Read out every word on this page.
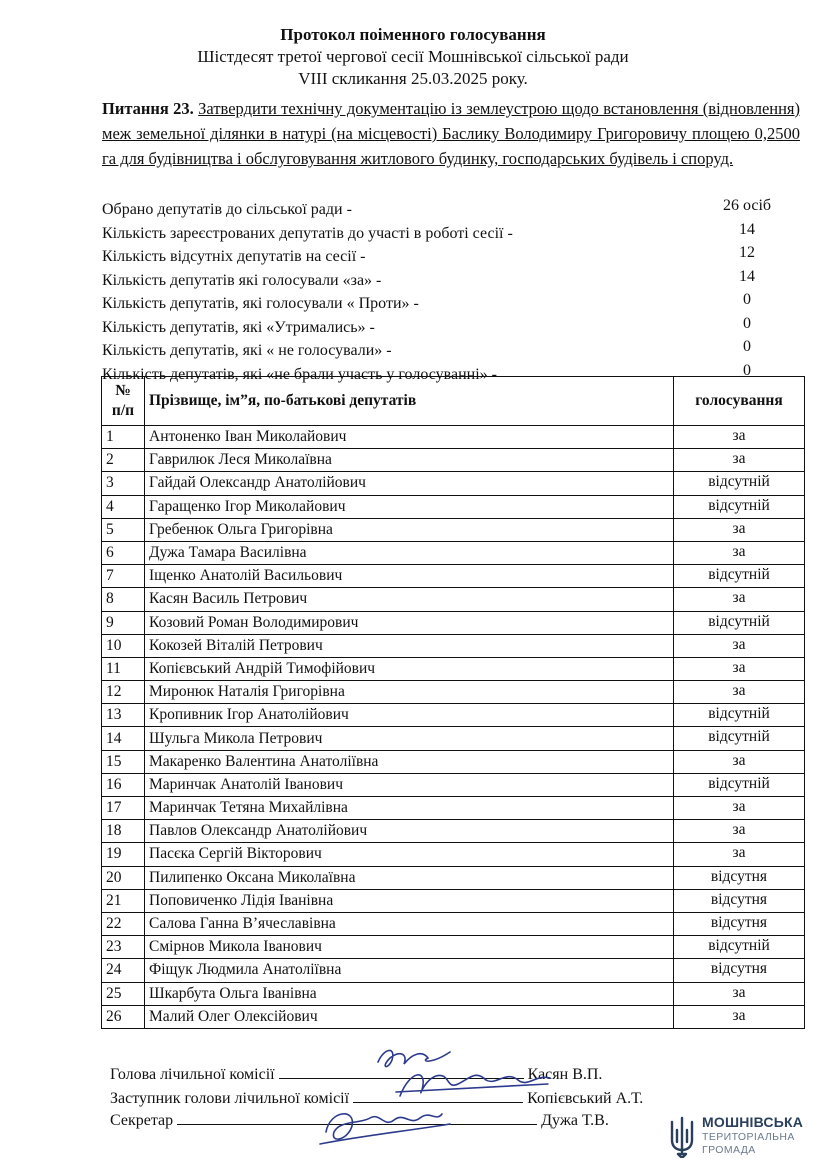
Протокол поіменного голосування
Шістдесят третої чергової сесії Мошнівської сільської ради
VIII скликання 25.03.2025 року.
Питання 23. Затвердити технічну документацію із землеустрою щодо встановлення (відновлення) меж земельної ділянки в натурі (на місцевості) Баслику Володимиру Григоровичу площею 0,2500 га для будівництва і обслуговування житлового будинку, господарських будівель і споруд.
Обрано депутатів до сільської ради -	26 осіб
Кількість зареєстрованих депутатів до участі в роботі сесії -	14
Кількість відсутніх депутатів на сесії -	12
Кількість депутатів які голосували «за» -	14
Кількість депутатів, які голосували « Проти» -	0
Кількість депутатів, які «Утримались» -	0
Кількість депутатів, які « не голосували» -	0
Кількість депутатів, які «не брали участь у голосуванні» -	0
№
п/п	Прізвище, ім”я, по-батькові депутатів	голосування
1	Антоненко Іван Миколайович	за
2	Гаврилюк Леся Миколаївна	за
3	Гайдай Олександр Анатолійович	відсутній
4	Гаращенко Ігор Миколайович	відсутній
5	Гребенюк Ольга Григорівна	за
6	Дужа Тамара Василівна	за
7	Іщенко Анатолій Васильович	відсутній
8	Касян Василь Петрович	за
9	Козовий Роман Володимирович	відсутній
10	Кокозей Віталій Петрович	за
11	Копієвський Андрій Тимофійович	за
12	Миронюк Наталія Григорівна	за
13	Кропивник Ігор Анатолійович	відсутній
14	Шульга Микола Петрович	відсутній
15	Макаренко Валентина Анатоліївна	за
16	Маринчак Анатолій Іванович	відсутній
17	Маринчак Тетяна Михайлівна	за
18	Павлов Олександр Анатолійович	за
19	Пасєка Сергій Вікторович	за
20	Пилипенко Оксана Миколаївна	відсутня
21	Поповиченко Лідія Іванівна	відсутня
22	Салова Ганна В’ячеславівна	відсутня
23	Смірнов Микола Іванович	відсутній
24	Фіщук Людмила Анатоліївна	відсутня
25	Шкарбута Ольга Іванівна	за
26	Малий Олег Олексійович	за
Голова лічильної комісії	Касян В.П.
Заступник голови лічильної комісії	Копієвський А.Т.
Секретар	Дужа Т.В.	МОШНІВСЬКА
ТЕРИТОРІАЛЬНА
ГРОМАДА
